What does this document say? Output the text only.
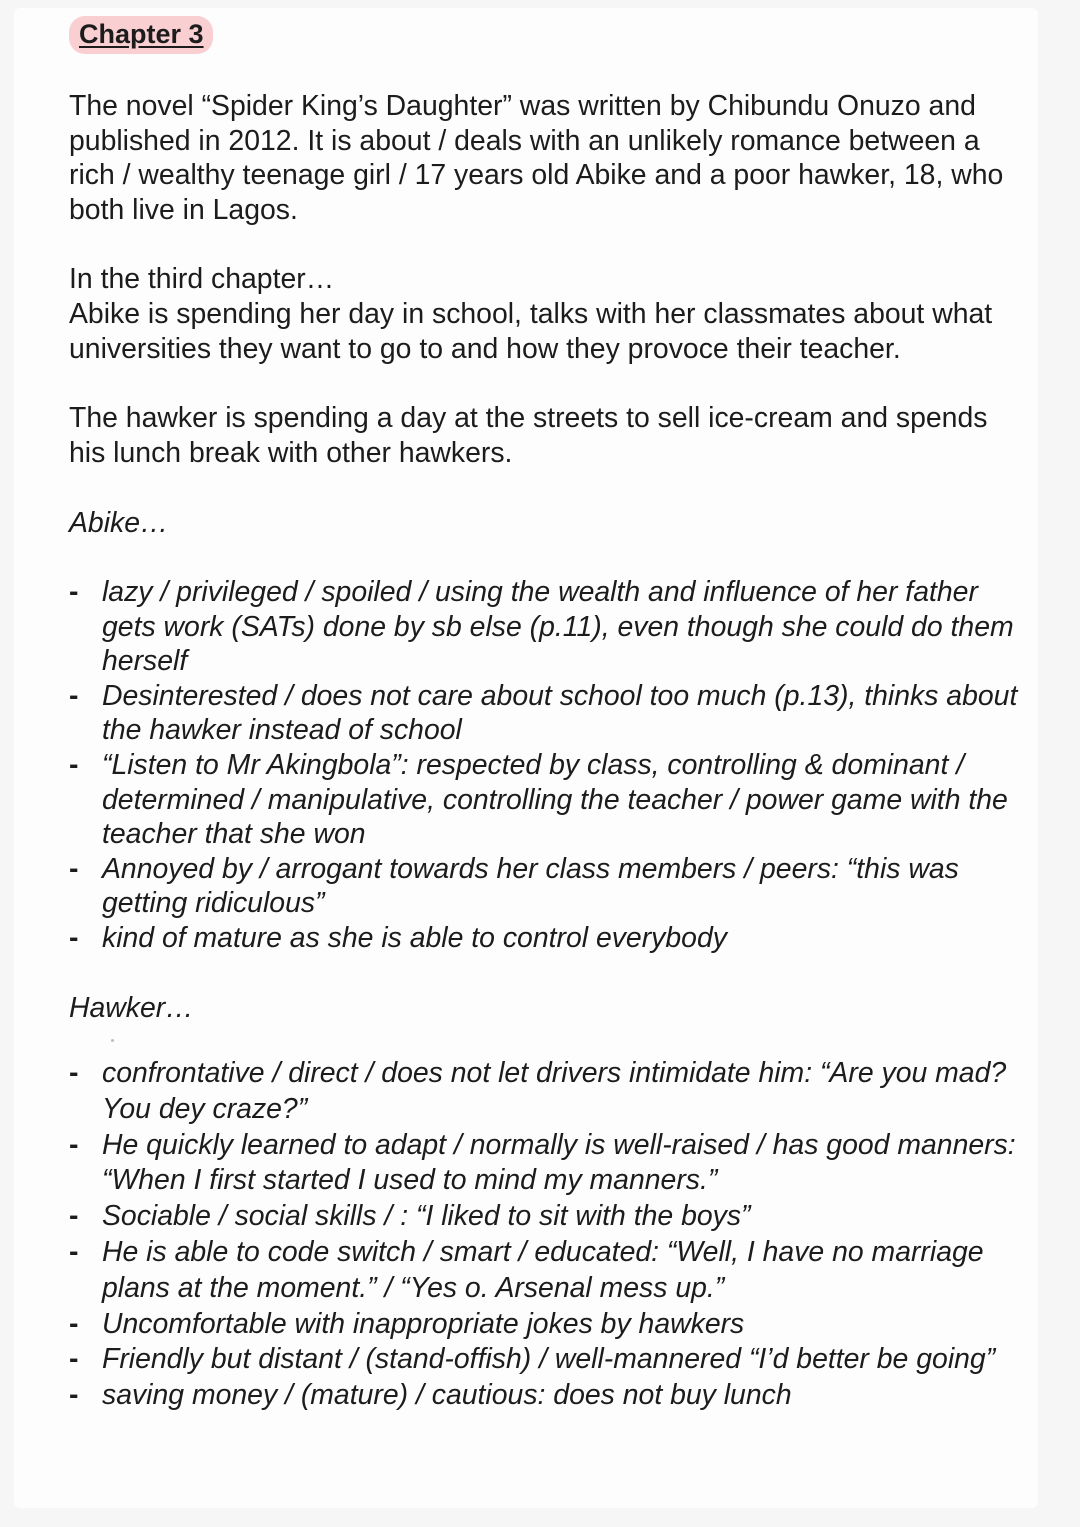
Chapter 3

The novel “Spider King’s Daughter” was written by Chibundu Onuzo and published in 2012. It is about / deals with an unlikely romance between a rich / wealthy teenage girl / 17 years old Abike and a poor hawker, 18, who both live in Lagos.

In the third chapter…

Abike is spending her day in school, talks with her classmates about what universities they want to go to and how they provoce their teacher.

The hawker is spending a day at the streets to sell ice-cream and spends his lunch break with other hawkers.

Abike…

- lazy / privileged / spoiled / using the wealth and influence of her father gets work (SATs) done by sb else (p.11), even though she could do them herself
- Desinterested / does not care about school too much (p.13), thinks about the hawker instead of school
- “Listen to Mr Akingbola”: respected by class, controlling & dominant / determined / manipulative, controlling the teacher / power game with the teacher that she won
- Annoyed by / arrogant towards her class members / peers: “this was getting ridiculous”
- kind of mature as she is able to control everybody

Hawker…

- confrontative / direct / does not let drivers intimidate him: “Are you mad? You dey craze?”
- He quickly learned to adapt / normally is well-raised / has good manners: “When I first started I used to mind my manners.”
- Sociable / social skills / : “I liked to sit with the boys”
- He is able to code switch / smart / educated: “Well, I have no marriage plans at the moment.” / “Yes o. Arsenal mess up.”
- Uncomfortable with inappropriate jokes by hawkers
- Friendly but distant / (stand-offish) / well-mannered “I’d better be going”
- saving money / (mature) / cautious: does not buy lunch
